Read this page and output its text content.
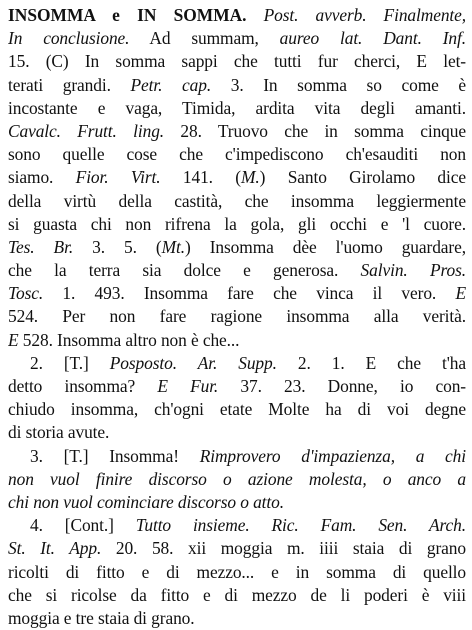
INSOMMA e IN SOMMA. Post. avverb. Finalmente,
In conclusione. Ad summam, aureo lat. Dant. Inf.
15. (C) In somma sappi che tutti fur cherci, E let-
terati grandi. Petr. cap. 3. In somma so come è
incostante e vaga, Timida, ardita vita degli amanti.
Cavalc. Frutt. ling. 28. Truovo che in somma cinque
sono quelle cose che c'impediscono ch'esauditi non
siamo. Fior. Virt. 141. (M.) Santo Girolamo dice
della virtù della castità, che insomma leggiermente
si guasta chi non rifrena la gola, gli occhi e 'l cuore.
Tes. Br. 3. 5. (Mt.) Insomma dèe l'uomo guardare,
che la terra sia dolce e generosa. Salvin. Pros.
Tosc. 1. 493. Insomma fare che vinca il vero. E
524. Per non fare ragione insomma alla verità.
E 528. Insomma altro non è che...
2. [T.] Posposto. Ar. Supp. 2. 1. E che t'ha
detto insomma? E Fur. 37. 23. Donne, io con-
chiudo insomma, ch'ogni etate Molte ha di voi degne
di storia avute.
3. [T.] Insomma! Rimprovero d'impazienza, a chi
non vuol finire discorso o azione molesta, o anco a
chi non vuol cominciare discorso o atto.
4. [Cont.] Tutto insieme. Ric. Fam. Sen. Arch.
St. It. App. 20. 58. xii moggia m. iiii staia di grano
ricolti di fitto e di mezzo... e in somma di quello
che si ricolse da fitto e di mezzo de li poderi è viii
moggia e tre staia di grano.
